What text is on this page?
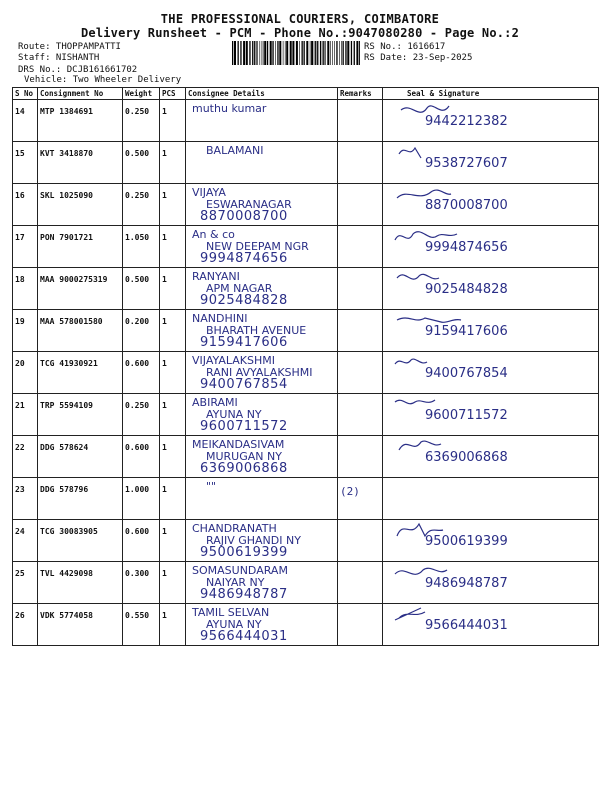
THE PROFESSIONAL COURIERS, COIMBATORE
Delivery Runsheet - PCM - Phone No.:9047080280 - Page No.:2
Route: THOPPAMPATTI
Staff: NISHANTH
DRS No.: DCJB161661702
Vehicle: Two Wheeler Delivery
RS No.: 1616617
RS Date: 23-Sep-2025
S No	Consignment No	Weight	PCS	Consignee Details	Remarks	Seal & Signature
14	MTP 1384691	0.250	1	muthu kumar		9442212382

15	KVT 3418870	0.500	1	BALAMANI		9538727607

16	SKL 1025090	0.250	1	VIJAYA
ESWARANAGAR
8870008700		8870008700

17	PON 7901721	1.050	1	An & co
NEW DEEPAM NGR
9994874656		9994874656

18	MAA 9000275319	0.500	1	RANYANI
APM NAGAR
9025484828		9025484828

19	MAA 578001580	0.200	1	NANDHINI
BHARATH AVENUE
9159417606		9159417606

20	TCG 41930921	0.600	1	VIJAYALAKSHMI
RANI AVYALAKSHMI
9400767854		9400767854

21	TRP 5594109	0.250	1	ABIRAMI
AYUNA NY
9600711572		9600711572

22	DDG 578624	0.600	1	MEIKANDASIVAM
MURUGAN NY
6369006868		6369006868

23	DDG 578796	1.000	1	""	(2)	

24	TCG 30083905	0.600	1	CHANDRANATH
RAJIV GHANDI NY
9500619399		9500619399

25	TVL 4429098	0.300	1	SOMASUNDARAM
NAIYAR NY
9486948787		9486948787

26	VDK 5774058	0.550	1	TAMIL SELVAN
AYUNA NY
9566444031		9566444031
